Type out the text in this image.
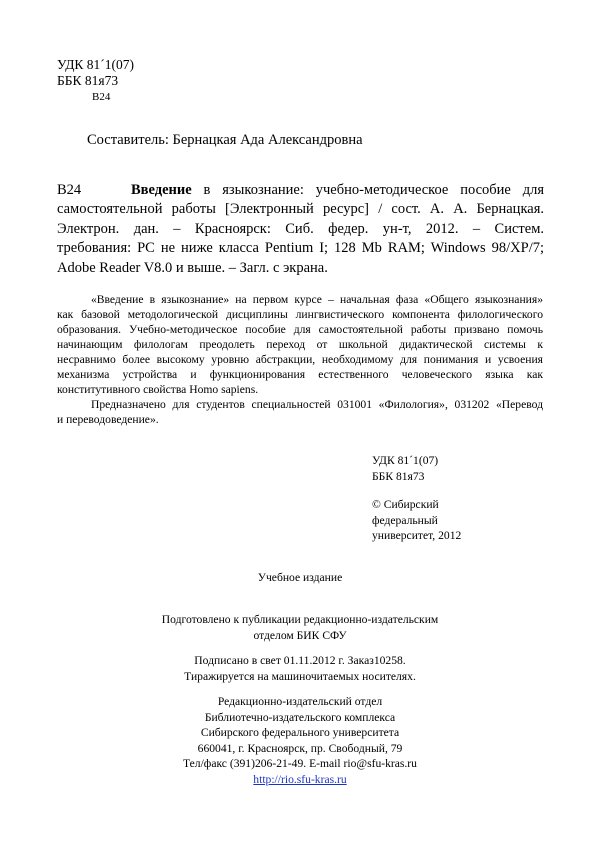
УДК 81´1(07)
ББК 81я73
В24
Составитель: Бернацкая Ада Александровна
В24	Введение в языкознание: учебно-методическое пособие для
самостоятельной работы [Электронный ресурс] / сост. А. А. Бернацкая.
Электрон. дан. – Красноярск: Сиб. федер. ун-т, 2012. – Систем.
требования: PC не ниже класса Pentium I; 128 Mb RAM; Windows 98/XP/7;
Adobe Reader V8.0 и выше. – Загл. с экрана.

«Введение в языкознание» на первом курсе – начальная фаза «Общего языкознания»
как базовой методологической дисциплины лингвистического компонента филологического
образования. Учебно-методическое пособие для самостоятельной работы призвано помочь
начинающим филологам преодолеть переход от школьной дидактической системы к
несравнимо более высокому уровню абстракции, необходимому для понимания и усвоения
механизма устройства и функционирования естественного человеческого языка как
конститутивного свойства Homo sapiens.

Предназначено для студентов специальностей 031001 «Филология», 031202 «Перевод
и переводоведение».

УДК 81´1(07)
ББК 81я73
© Сибирский
федеральный
университет, 2012
Учебное издание
Подготовлено к публикации редакционно-издательским
отделом БИК СФУ
Подписано в свет 01.11.2012 г. Заказ10258.
Тиражируется на машиночитаемых носителях.
Редакционно-издательский отдел
Библиотечно-издательского комплекса
Сибирского федерального университета
660041, г. Красноярск, пр. Свободный, 79
Тел/факс (391)206-21-49. E-mail rio@sfu-kras.ru
http://rio.sfu-kras.ru
